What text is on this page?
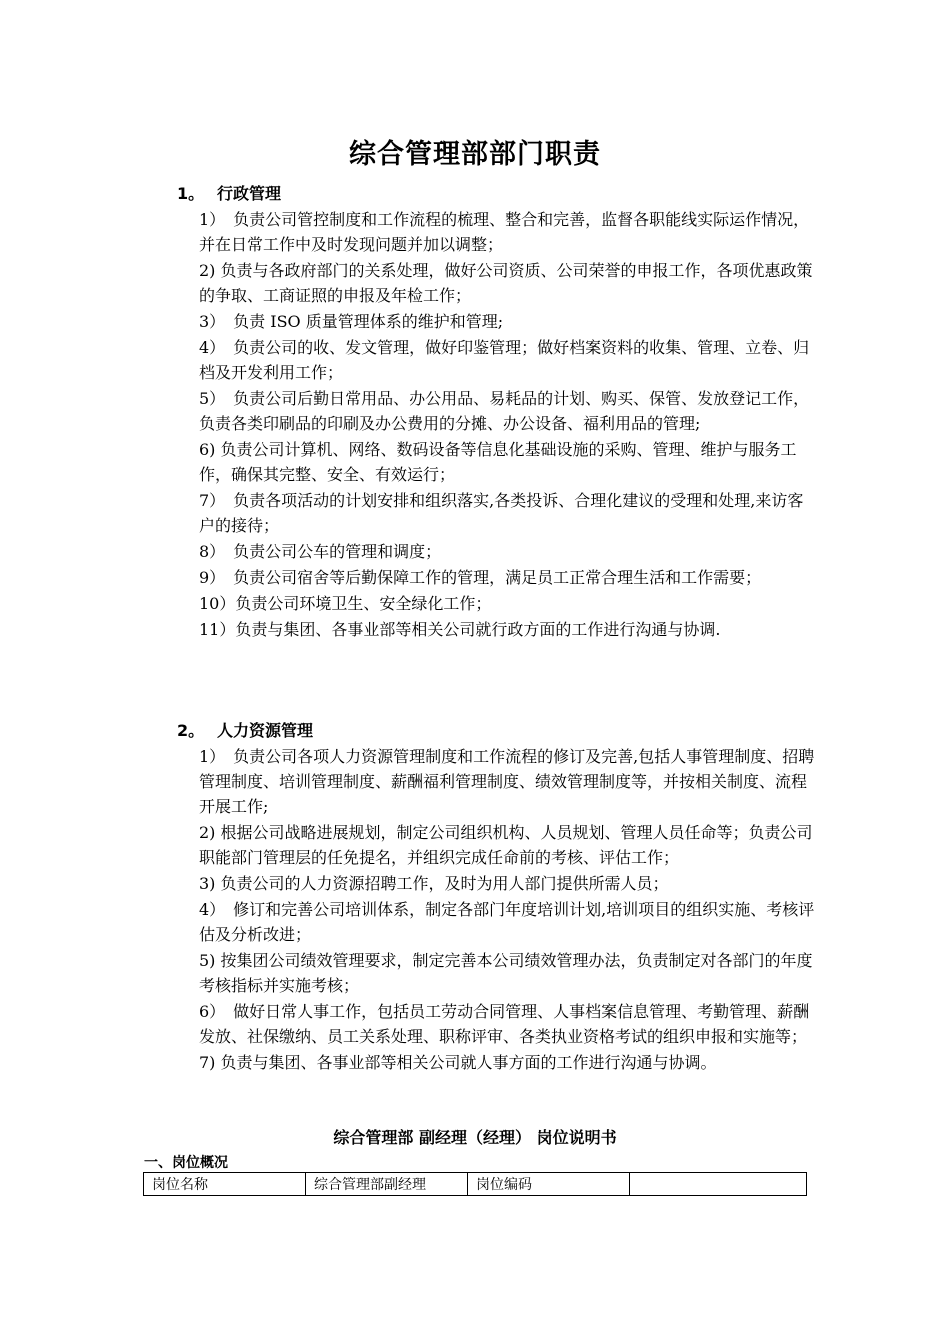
综合管理部部门职责
1。 行政管理
1）　负责公司管控制度和工作流程的梳理、整合和完善，监督各职能线实际运作情况，并在日常工作中及时发现问题并加以调整；
2) 负责与各政府部门的关系处理，做好公司资质、公司荣誉的申报工作，各项优惠政策的争取、工商证照的申报及年检工作；
3）　负责 ISO 质量管理体系的维护和管理;
4）　负责公司的收、发文管理，做好印鉴管理；做好档案资料的收集、管理、立卷、归档及开发利用工作；
5）　负责公司后勤日常用品、办公用品、易耗品的计划、购买、保管、发放登记工作，负责各类印刷品的印刷及办公费用的分摊、办公设备、福利用品的管理;
6) 负责公司计算机、网络、数码设备等信息化基础设施的采购、管理、维护与服务工作，确保其完整、安全、有效运行；
7）　负责各项活动的计划安排和组织落实,各类投诉、合理化建议的受理和处理,来访客户的接待；
8）　负责公司公车的管理和调度；
9）　负责公司宿舍等后勤保障工作的管理，满足员工正常合理生活和工作需要；
10）负责公司环境卫生、安全绿化工作；
11）负责与集团、各事业部等相关公司就行政方面的工作进行沟通与协调.
2。 人力资源管理
1）　负责公司各项人力资源管理制度和工作流程的修订及完善,包括人事管理制度、招聘管理制度、培训管理制度、薪酬福利管理制度、绩效管理制度等，并按相关制度、流程开展工作;
2) 根据公司战略进展规划，制定公司组织机构、人员规划、管理人员任命等；负责公司职能部门管理层的任免提名，并组织完成任命前的考核、评估工作；
3) 负责公司的人力资源招聘工作，及时为用人部门提供所需人员；
4）　修订和完善公司培训体系，制定各部门年度培训计划,培训项目的组织实施、考核评估及分析改进；
5) 按集团公司绩效管理要求，制定完善本公司绩效管理办法，负责制定对各部门的年度考核指标并实施考核；
6）　做好日常人事工作，包括员工劳动合同管理、人事档案信息管理、考勤管理、薪酬发放、社保缴纳、员工关系处理、职称评审、各类执业资格考试的组织申报和实施等；
7) 负责与集团、各事业部等相关公司就人事方面的工作进行沟通与协调。
综合管理部 副经理（经理） 岗位说明书
一、岗位概况
岗位名称	综合管理部副经理	岗位编码	
